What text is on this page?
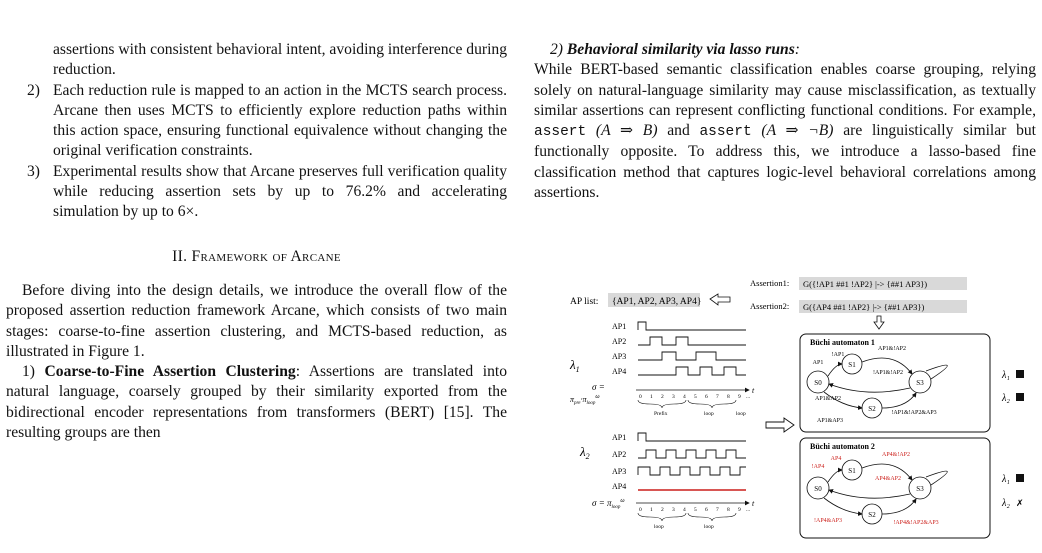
assertions with consistent behavioral intent, avoiding interference during reduction.

2) Each reduction rule is mapped to an action in the MCTS search process. Arcane then uses MCTS to efficiently explore reduction paths within this action space, ensuring functional equivalence without changing the original verification constraints.
3) Experimental results show that Arcane preserves full verification quality while reducing assertion sets by up to 76.2% and accelerating simulation by up to 6×.
II. Framework of Arcane

Before diving into the design details, we introduce the overall flow of the proposed assertion reduction framework Arcane, which consists of two main stages: coarse-to-fine assertion clustering, and MCTS-based reduction, as illustrated in Figure 1.

1) Coarse-to-Fine Assertion Clustering: Assertions are translated into natural language, coarsely grouped by their similarity exported from the bidirectional encoder representations from transformers (BERT) [15]. The resulting groups are then

2) Behavioral similarity via lasso runs:

While BERT-based semantic classification enables coarse grouping, relying solely on natural-language similarity may cause misclassification, as textually similar assertions can represent conflicting functional conditions. For example, assert (A ⇒ B) and assert (A ⇒ ¬B) are linguistically similar but functionally opposite. To address this, we introduce a lasso-based fine classification method that captures logic-level behavioral correlations among assertions.

AP list: {AP1, AP2, AP3, AP4}
Assertion1: G({!AP1 ##1 !AP2} |-> {##1 AP3})
Assertion2: G({AP4 ##1 !AP2} |-> {##1 AP3})
$\lambda_1$
AP1
AP2
AP3
AP4
σ =
$\pi_{pre}\cdot\pi_{loop}^\omega$
t
0 1 2 3 4 5 6 7 8 9 ...
Prefix	loop	loop
$\lambda_2$
AP1
AP2
AP3
AP4
$\sigma = \pi_{loop}^\omega$	t
0 1 2 3 4 5 6 7 8 9 ...
loop	loop
Büchi automaton 1
S0
S1
S2
S3
AP1
!AP1
AP1&!AP2
!AP1&!AP2
AP1&AP2
AP1&AP3
!AP1&!AP2&AP3
λ₁
λ₂
Büchi automaton 2
S0
S1
S2
S3
!AP4
AP4
AP4&!AP2
AP4&AP2
!AP4&AP3	!AP4&!AP2&AP3
λ₁
λ₂ ✗
